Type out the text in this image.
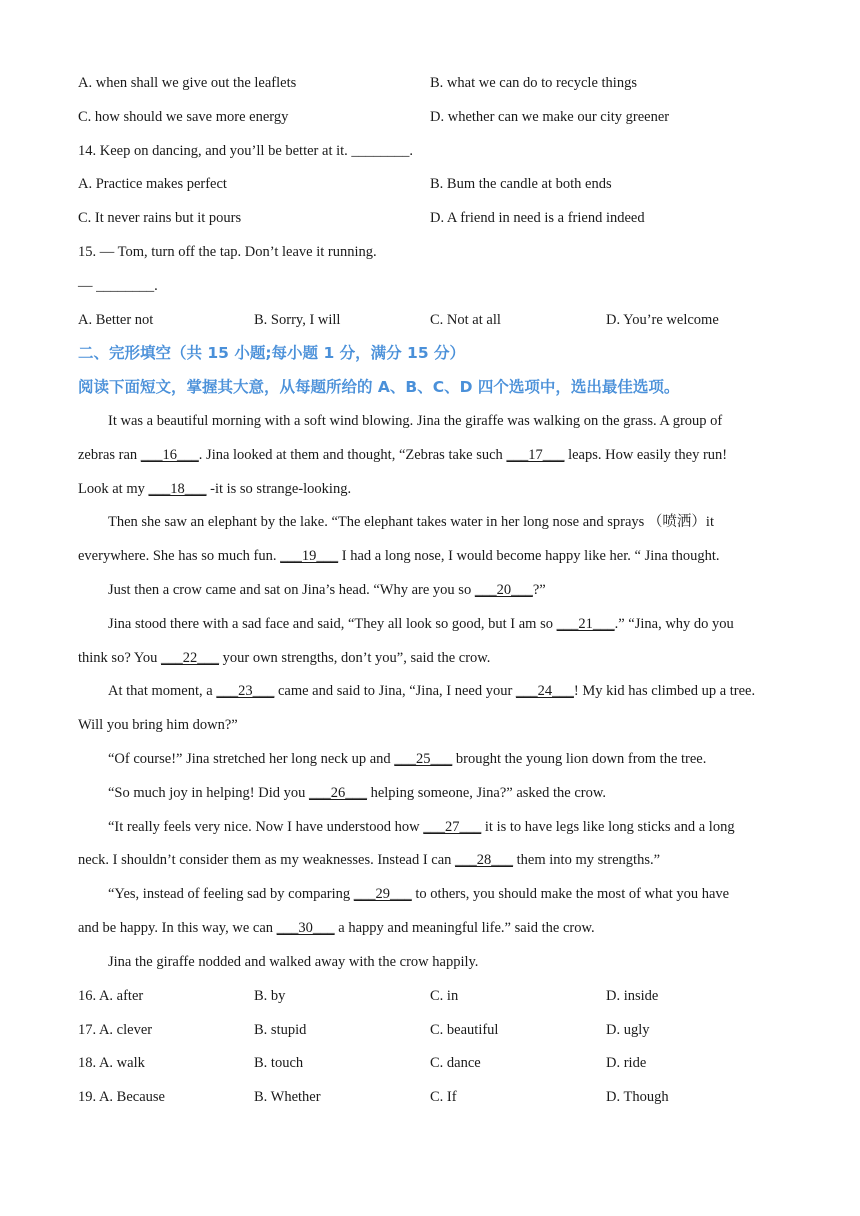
A. when shall we give out the leaflets	B. what we can do to recycle things
C. how should we save more energy	D. whether can we make our city greener
14. Keep on dancing, and you’ll be better at it. ________.
A. Practice makes perfect	B. Bum the candle at both ends
C. It never rains but it pours	D. A friend in need is a friend indeed
15. — Tom, turn off the tap. Don’t leave it running.
— ________.
A. Better not	B. Sorry, I will	C. Not at all	D. You’re welcome
二、完形填空（共 15 小题;每小题 1 分，满分 15 分）
阅读下面短文，掌握其大意，从每题所给的 A、B、C、D 四个选项中，选出最佳选项。
It was a beautiful morning with a soft wind blowing. Jina the giraffe was walking on the grass. A group of
zebras ran ___16___. Jina looked at them and thought, “Zebras take such ___17___ leaps. How easily they run!
Look at my ___18___ -it is so strange-looking.
Then she saw an elephant by the lake. “The elephant takes water in her long nose and sprays （喷洒）it
everywhere. She has so much fun. ___19___ I had a long nose, I would become happy like her. “ Jina thought.
Just then a crow came and sat on Jina’s head. “Why are you so ___20___?”
Jina stood there with a sad face and said, “They all look so good, but I am so ___21___.” “Jina, why do you
think so? You ___22___ your own strengths, don’t you”, said the crow.
At that moment, a ___23___ came and said to Jina, “Jina, I need your ___24___! My kid has climbed up a tree.
Will you bring him down?”
“Of course!” Jina stretched her long neck up and ___25___ brought the young lion down from the tree.
“So much joy in helping! Did you ___26___ helping someone, Jina?” asked the crow.
“It really feels very nice. Now I have understood how ___27___ it is to have legs like long sticks and a long
neck. I shouldn’t consider them as my weaknesses. Instead I can ___28___ them into my strengths.”
“Yes, instead of feeling sad by comparing ___29___ to others, you should make the most of what you have
and be happy. In this way, we can ___30___ a happy and meaningful life.” said the crow.
Jina the giraffe nodded and walked away with the crow happily.
16. A. after	B. by	C. in	D. inside
17. A. clever	B. stupid	C. beautiful	D. ugly
18. A. walk	B. touch	C. dance	D. ride
19. A. Because	B. Whether	C. If	D. Though
